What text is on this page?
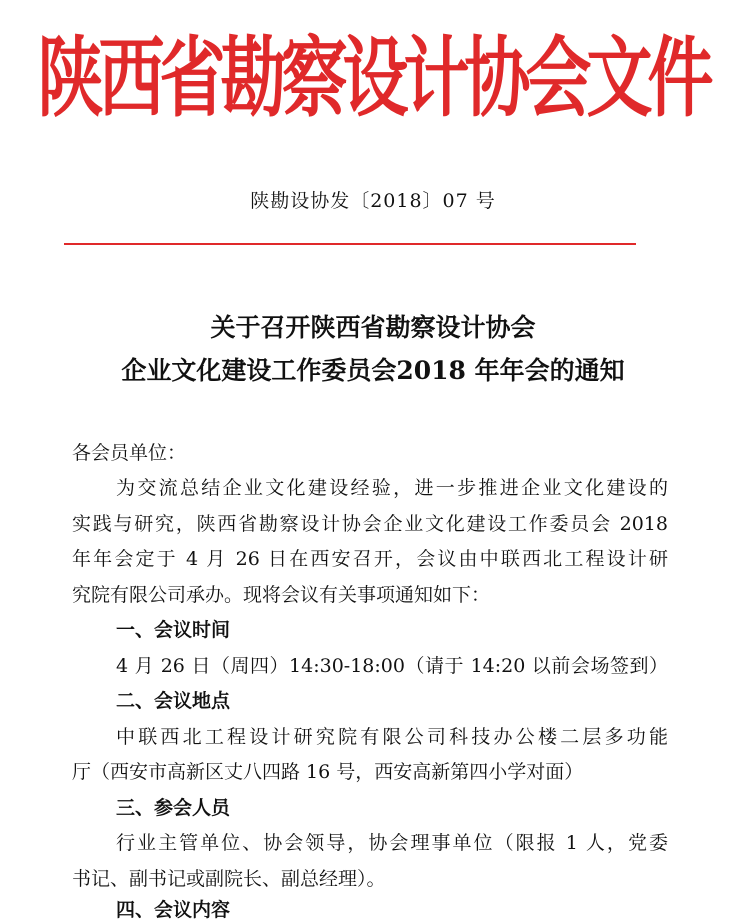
陕西省勘察设计协会文件
陕勘设协发〔2018〕07 号
关于召开陕西省勘察设计协会
企业文化建设工作委员会2018 年年会的通知
各会员单位：
为交流总结企业文化建设经验，进一步推进企业文化建设的
实践与研究，陕西省勘察设计协会企业文化建设工作委员会 2018
年年会定于 4 月 26 日在西安召开，会议由中联西北工程设计研
究院有限公司承办。现将会议有关事项通知如下：
一、会议时间
4 月 26 日（周四）14:30-18:00（请于 14:20 以前会场签到）
二、会议地点
中联西北工程设计研究院有限公司科技办公楼二层多功能
厅（西安市高新区丈八四路 16 号，西安高新第四小学对面）
三、参会人员
行业主管单位、协会领导，协会理事单位（限报 1 人，党委
书记、副书记或副院长、副总经理）。
四、会议内容
